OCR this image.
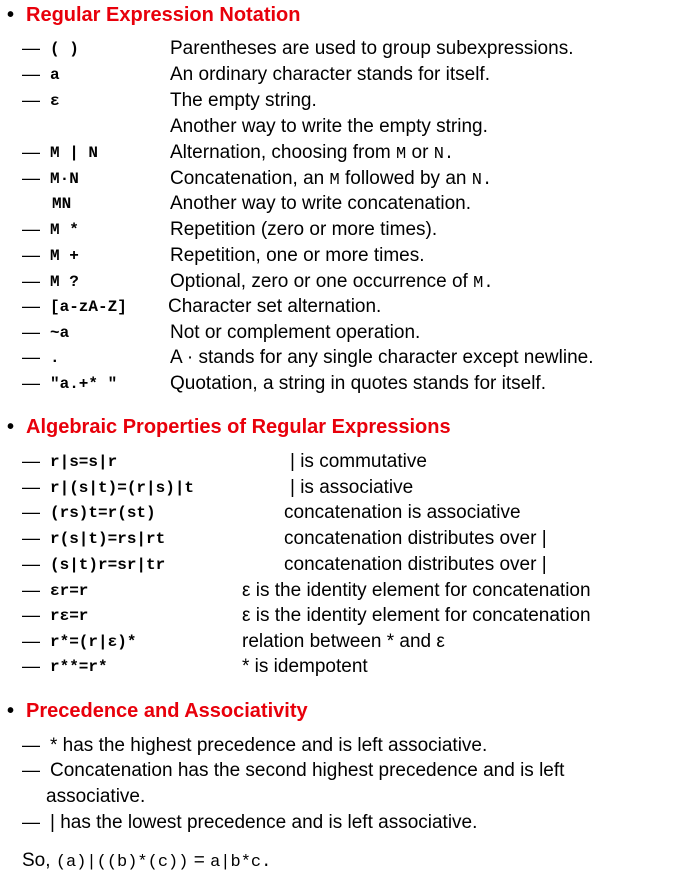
• Regular Expression Notation
— ( )	Parentheses are used to group subexpressions.
— a	An ordinary character stands for itself.
— ε	The empty string.
Another way to write the empty string.
— M | N	Alternation, choosing from M or N.
— M·N	Concatenation, an M followed by an N.
MN	Another way to write concatenation.
— M *	Repetition (zero or more times).
— M +	Repetition, one or more times.
— M ?	Optional, zero or one occurrence of M.
— [a-zA-Z] Character set alternation.
— ~a	Not or complement operation.
— .	A · stands for any single character except newline.
— "a.+* "	Quotation, a string in quotes stands for itself.
• Algebraic Properties of Regular Expressions
— r|s=s|r	| is commutative
— r|(s|t)=(r|s)|t	| is associative
— (rs)t=r(st)	concatenation is associative
— r(s|t)=rs|rt	concatenation distributes over |
— (s|t)r=sr|tr	concatenation distributes over |
— εr=r	ε is the identity element for concatenation
— rε=r	ε is the identity element for concatenation
— r*=(r|ε)*	relation between * and ε
— r**=r*	* is idempotent
• Precedence and Associativity
— * has the highest precedence and is left associative.
— Concatenation has the second highest precedence and is left
associative.
— | has the lowest precedence and is left associative.
So, (a)|((b)*(c)) = a|b*c.
